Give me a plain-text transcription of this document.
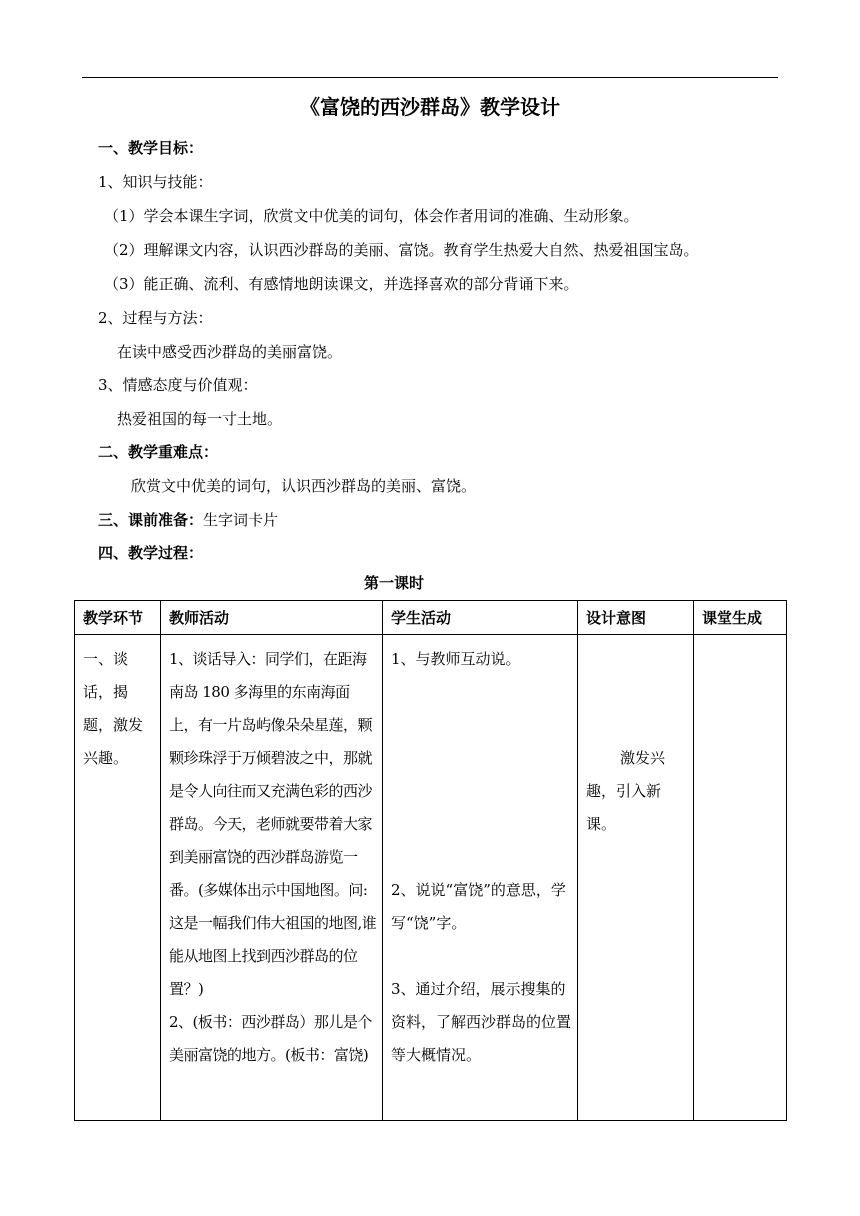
《富饶的西沙群岛》教学设计
一、教学目标：
1、知识与技能：
（1）学会本课生字词，欣赏文中优美的词句，体会作者用词的准确、生动形象。
（2）理解课文内容，认识西沙群岛的美丽、富饶。教育学生热爱大自然、热爱祖国宝岛。
（3）能正确、流利、有感情地朗读课文，并选择喜欢的部分背诵下来。
2、过程与方法：
在读中感受西沙群岛的美丽富饶。
3、情感态度与价值观：
热爱祖国的每一寸土地。
二、教学重难点：
欣赏文中优美的词句，认识西沙群岛的美丽、富饶。
三、课前准备：生字词卡片
四、教学过程：
第一课时
教学环节	教师活动	学生活动	设计意图	课堂生成
一、谈话，揭题，激发兴趣。	1、谈话导入：同学们，在距海南岛 180 多海里的东南海面上，有一片岛屿像朵朵星莲，颗颗珍珠浮于万倾碧波之中，那就是令人向往而又充满色彩的西沙群岛。今天，老师就要带着大家到美丽富饶的西沙群岛游览一番。(多媒体出示中国地图。问:这是一幅我们伟大祖国的地图,谁能从地图上找到西沙群岛的位置？)
2、(板书：西沙群岛）那儿是个美丽富饶的地方。(板书：富饶)	1、与教师互动说。
2、说说“富饶”的意思，学写“饶”字。
3、通过介绍，展示搜集的资料，了解西沙群岛的位置等大概情况。	激发兴趣，引入新课。	
